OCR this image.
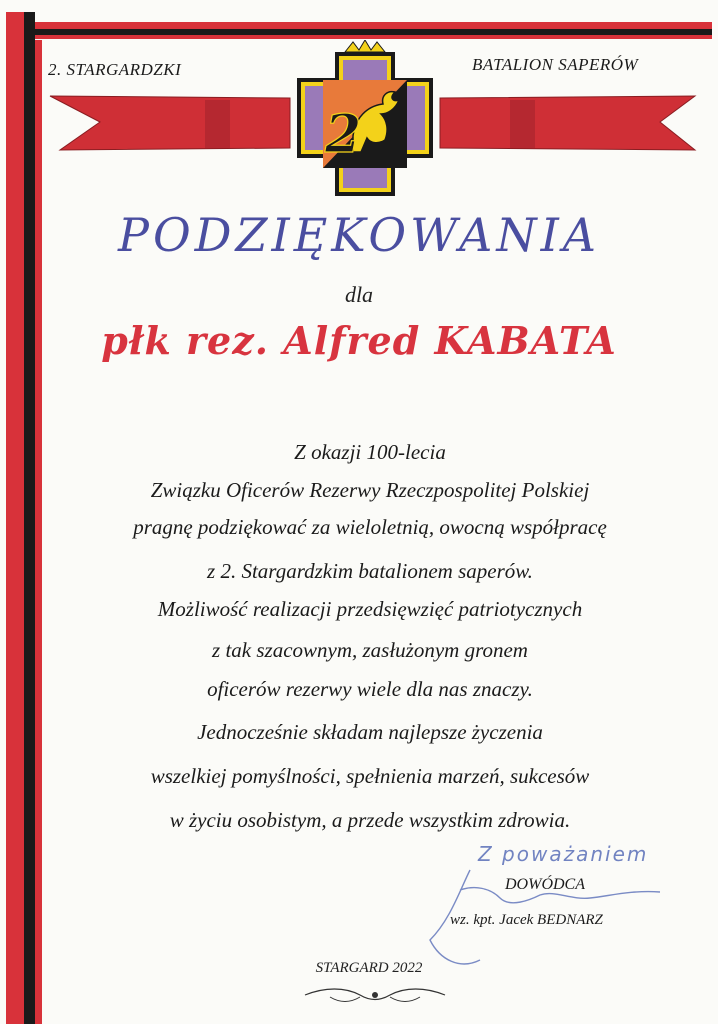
2. STARGARDZKI	BATALION SAPERÓW
2
PODZIĘKOWANIA
dla
płk rez. Alfred KABATA
Z okazji 100-lecia
Związku Oficerów Rezerwy Rzeczpospolitej Polskiej
pragnę podziękować za wieloletnią, owocną współpracę
z 2. Stargardzkim batalionem saperów.
Możliwość realizacji przedsięwzięć patriotycznych
z tak szacownym, zasłużonym gronem
oficerów rezerwy wiele dla nas znaczy.
Jednocześnie składam najlepsze życzenia
wszelkiej pomyślności, spełnienia marzeń, sukcesów
w życiu osobistym, a przede wszystkim zdrowia.
Z poważaniem
DOWÓDCA
wz. kpt. Jacek BEDNARZ
STARGARD 2022
